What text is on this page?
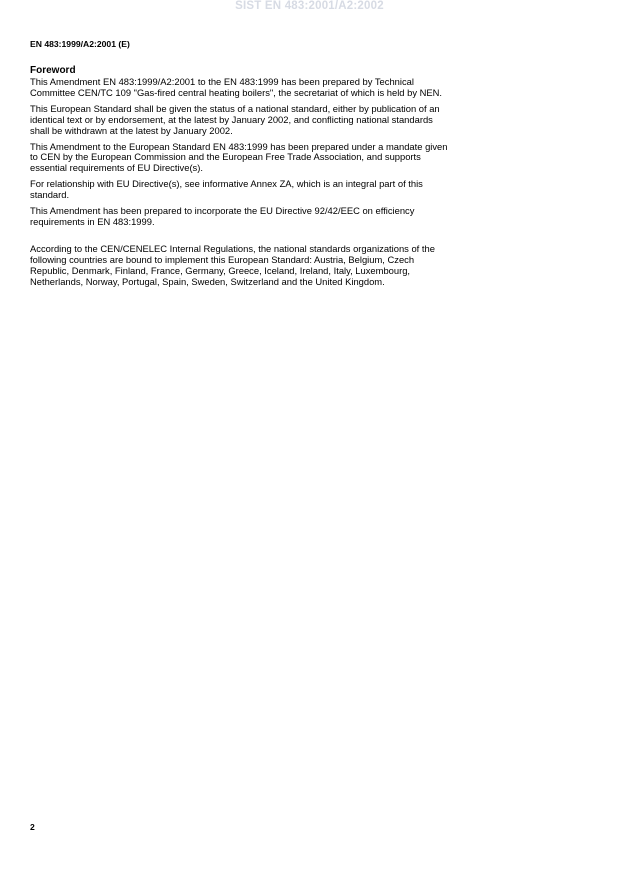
SIST EN 483:2001/A2:2002
EN 483:1999/A2:2001 (E)
Foreword

This Amendment EN 483:1999/A2:2001 to the EN 483:1999 has been prepared by Technical
Committee CEN/TC 109 "Gas-fired central heating boilers", the secretariat of which is held by NEN.

This European Standard shall be given the status of a national standard, either by publication of an
identical text or by endorsement, at the latest by January 2002, and conflicting national standards
shall be withdrawn at the latest by January 2002.

This Amendment to the European Standard EN 483:1999 has been prepared under a mandate given
to CEN by the European Commission and the European Free Trade Association, and supports
essential requirements of EU Directive(s).

For relationship with EU Directive(s), see informative Annex ZA, which is an integral part of this
standard.

This Amendment has been prepared to incorporate the EU Directive 92/42/EEC on efficiency
requirements in EN 483:1999.

According to the CEN/CENELEC Internal Regulations, the national standards organizations of the
following countries are bound to implement this European Standard: Austria, Belgium, Czech
Republic, Denmark, Finland, France, Germany, Greece, Iceland, Ireland, Italy, Luxembourg,
Netherlands, Norway, Portugal, Spain, Sweden, Switzerland and the United Kingdom.

2
